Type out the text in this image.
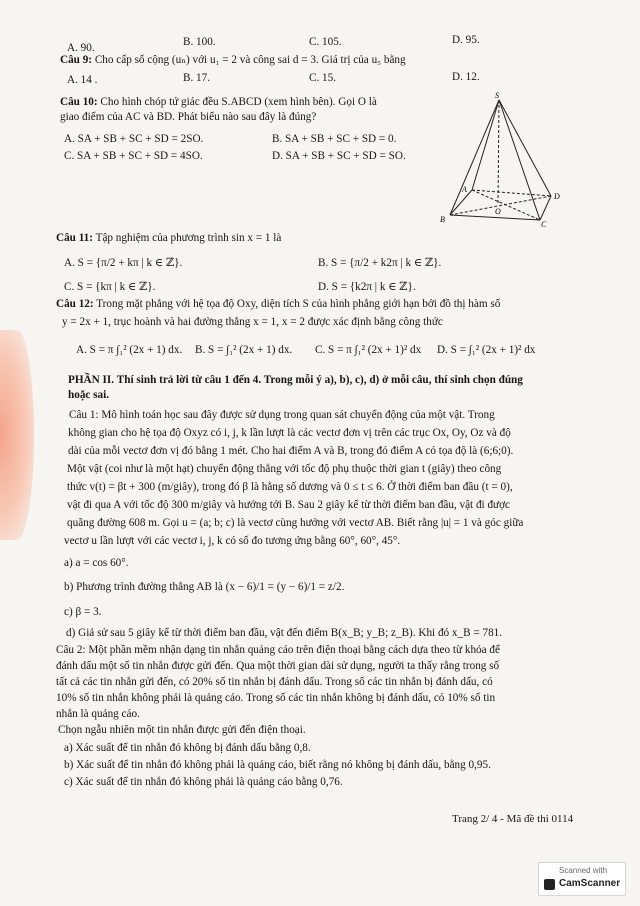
A. 90.	B. 100.	C. 105.	D. 95.
Câu 9: Cho cấp số cộng (uₙ) với u₁ = 2 và công sai d = 3. Giá trị của u₅ bằng
A. 14 .	B. 17.	C. 15.	D. 12.
Câu 10: Cho hình chóp tứ giác đều S.ABCD (xem hình bên). Gọi O là
giao điểm của AC và BD. Phát biểu nào sau đây là đúng?
A. SA + SB + SC + SD = 2SO.	B. SA + SB + SC + SD = 0.
C. SA + SB + SC + SD = 4SO.	D. SA + SB + SC + SD = SO.
S
A
B
C
D
O
Câu 11: Tập nghiệm của phương trình sin x = 1 là
A. S = {π/2 + kπ | k ∈ ℤ}.	B. S = {π/2 + k2π | k ∈ ℤ}.
C. S = {kπ | k ∈ ℤ}.	D. S = {k2π | k ∈ ℤ}.
Câu 12: Trong mặt phẳng với hệ tọa độ Oxy, diện tích S của hình phẳng giới hạn bởi đồ thị hàm số
y = 2x + 1, trục hoành và hai đường thẳng x = 1, x = 2 được xác định bằng công thức
A. S = π ∫₁² (2x + 1) dx. B. S = ∫₁² (2x + 1) dx. C. S = π ∫₁² (2x + 1)² dx D. S = ∫₁² (2x + 1)² dx
PHẦN II. Thí sinh trả lời từ câu 1 đến 4. Trong mỗi ý a), b), c), d) ở mỗi câu, thí sinh chọn đúng
hoặc sai.
Câu 1: Mô hình toán học sau đây được sử dụng trong quan sát chuyển động của một vật. Trong
không gian cho hệ tọa độ Oxyz có i, j, k lần lượt là các vectơ đơn vị trên các trục Ox, Oy, Oz và độ
dài của mỗi vectơ đơn vị đó bằng 1 mét. Cho hai điểm A và B, trong đó điểm A có tọa độ là (6;6;0).
Một vật (coi như là một hạt) chuyển động thẳng với tốc độ phụ thuộc thời gian t (giây) theo công
thức v(t) = βt + 300 (m/giây), trong đó β là hằng số dương và 0 ≤ t ≤ 6. Ở thời điểm ban đầu (t = 0),
vật đi qua A với tốc độ 300 m/giây và hướng tới B. Sau 2 giây kể từ thời điểm ban đầu, vật đi được
quãng đường 608 m. Gọi u = (a; b; c) là vectơ cùng hướng với vectơ AB. Biết rằng |u| = 1 và góc giữa
vectơ u lần lượt với các vectơ i, j, k có số đo tương ứng bằng 60°, 60°, 45°.
a) a = cos 60°.
b) Phương trình đường thẳng AB là (x − 6)/1 = (y − 6)/1 = z/2.
c) β = 3.
d) Giả sử sau 5 giây kể từ thời điểm ban đầu, vật đến điểm B(x_B; y_B; z_B). Khi đó x_B = 781.
Câu 2: Một phần mềm nhận dạng tin nhắn quảng cáo trên điện thoại bằng cách dựa theo từ khóa để
đánh dấu một số tin nhắn được gửi đến. Qua một thời gian dài sử dụng, người ta thấy rằng trong số
tất cả các tin nhắn gửi đến, có 20% số tin nhắn bị đánh dấu. Trong số các tin nhắn bị đánh dấu, có
10% số tin nhắn không phải là quảng cáo. Trong số các tin nhắn không bị đánh dấu, có 10% số tin
nhắn là quảng cáo.
Chọn ngẫu nhiên một tin nhắn được gửi đến điện thoại.
a) Xác suất để tin nhắn đó không bị đánh dấu bằng 0,8.
b) Xác suất để tin nhắn đó không phải là quảng cáo, biết rằng nó không bị đánh dấu, bằng 0,95.
c) Xác suất để tin nhắn đó không phải là quảng cáo bằng 0,76.
Trang 2/ 4 - Mã đề thi 0114
Scanned with
CamScanner
